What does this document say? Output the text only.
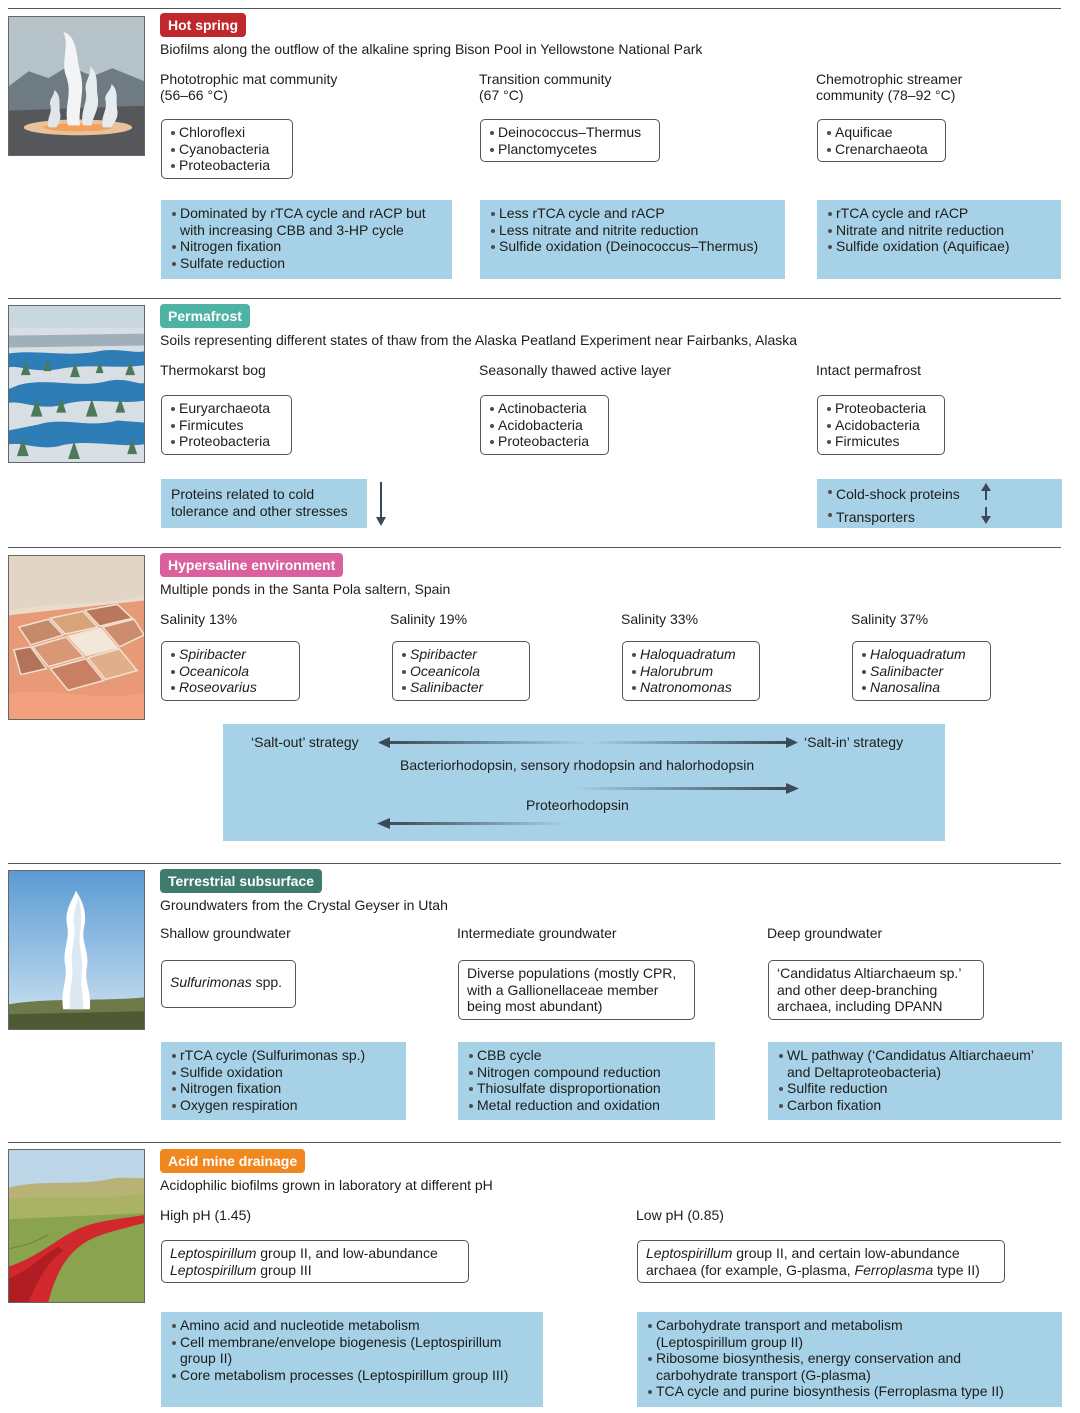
Hot spring
Biofilms along the outflow of the alkaline spring Bison Pool in Yellowstone National Park
Phototrophic mat community
(56–66 °C)
Transition community
(67 °C)
Chemotrophic streamer
community (78–92 °C)
Chloroflexi
Cyanobacteria
Proteobacteria
Deinococcus–Thermus
Planctomycetes
Aquificae
Crenarchaeota
Dominated by rTCA cycle and rACP but
with increasing CBB and 3-HP cycle
Nitrogen fixation
Sulfate reduction
Less rTCA cycle and rACP
Less nitrate and nitrite reduction
Sulfide oxidation (Deinococcus–Thermus)
rTCA cycle and rACP
Nitrate and nitrite reduction
Sulfide oxidation (Aquificae)
Permafrost
Soils representing different states of thaw from the Alaska Peatland Experiment near Fairbanks, Alaska
Thermokarst bog	Seasonally thawed active layer	Intact permafrost
Euryarchaeota
Firmicutes
Proteobacteria
Actinobacteria
Acidobacteria
Proteobacteria
Proteobacteria
Acidobacteria
Firmicutes
Proteins related to cold
tolerance and other stresses
Cold-shock proteins
Transporters
Hypersaline environment
Multiple ponds in the Santa Pola saltern, Spain
Salinity 13%	Salinity 19%	Salinity 33%	Salinity 37%
Spiribacter
Oceanicola
Roseovarius
Spiribacter
Oceanicola
Salinibacter
Haloquadratum
Halorubrum
Natronomonas
Haloquadratum
Salinibacter
Nanosalina
‘Salt-out’ strategy	‘Salt-in’ strategy
Bacteriorhodopsin, sensory rhodopsin and halorhodopsin
Proteorhodopsin
Terrestrial subsurface
Groundwaters from the Crystal Geyser in Utah
Shallow groundwater	Intermediate groundwater	Deep groundwater
Sulfurimonas spp.
Diverse populations (mostly CPR,
with a Gallionellaceae member
being most abundant)
‘Candidatus Altiarchaeum sp.’
and other deep-branching
archaea, including DPANN
rTCA cycle (Sulfurimonas sp.)
Sulfide oxidation
Nitrogen fixation
Oxygen respiration
CBB cycle
Nitrogen compound reduction
Thiosulfate disproportionation
Metal reduction and oxidation
WL pathway (‘Candidatus Altiarchaeum’
and Deltaproteobacteria)
Sulfite reduction
Carbon fixation
Acid mine drainage
Acidophilic biofilms grown in laboratory at different pH
High pH (1.45)	Low pH (0.85)
Leptospirillum group II, and low-abundance
Leptospirillum group III
Leptospirillum group II, and certain low-abundance
archaea (for example, G-plasma, Ferroplasma type II)
Amino acid and nucleotide metabolism
Cell membrane/envelope biogenesis (Leptospirillum
group II)
Core metabolism processes (Leptospirillum group III)
Carbohydrate transport and metabolism
(Leptospirillum group II)
Ribosome biosynthesis, energy conservation and
carbohydrate transport (G-plasma)
TCA cycle and purine biosynthesis (Ferroplasma type II)
